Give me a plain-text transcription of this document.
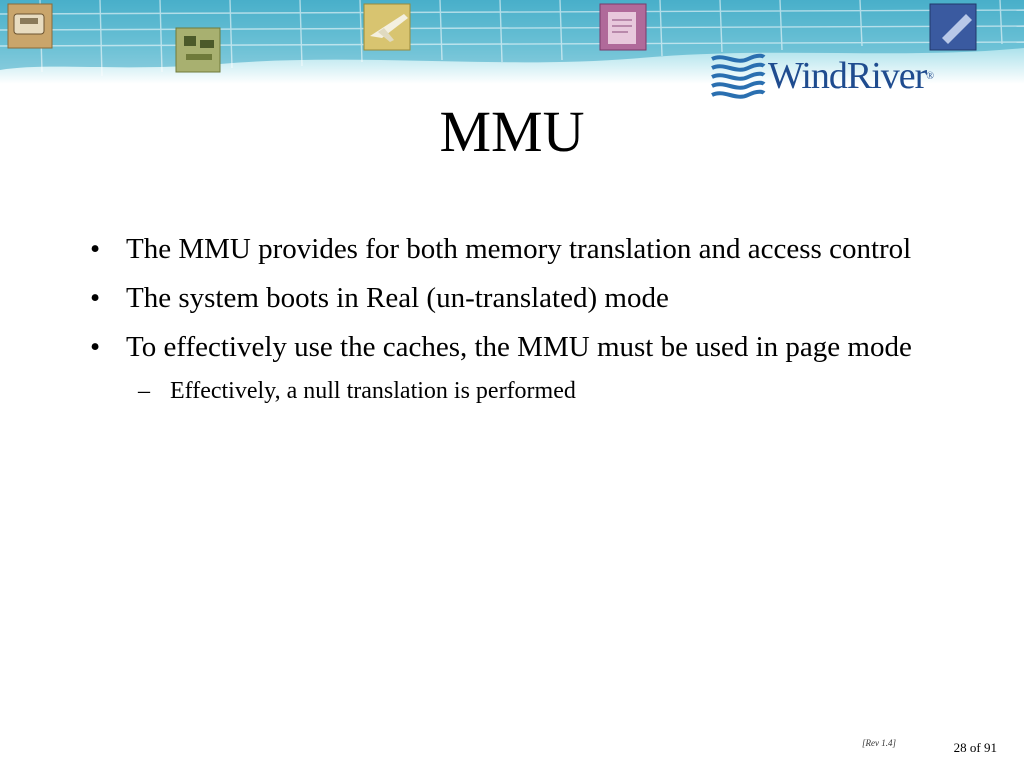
WindRiver ®
MMU
• The MMU provides for both memory translation and access control
• The system boots in Real (un-translated) mode
• To effectively use the caches, the MMU must be used in page mode
– Effectively, a null translation is performed
[Rev 1.4]	28 of 91
